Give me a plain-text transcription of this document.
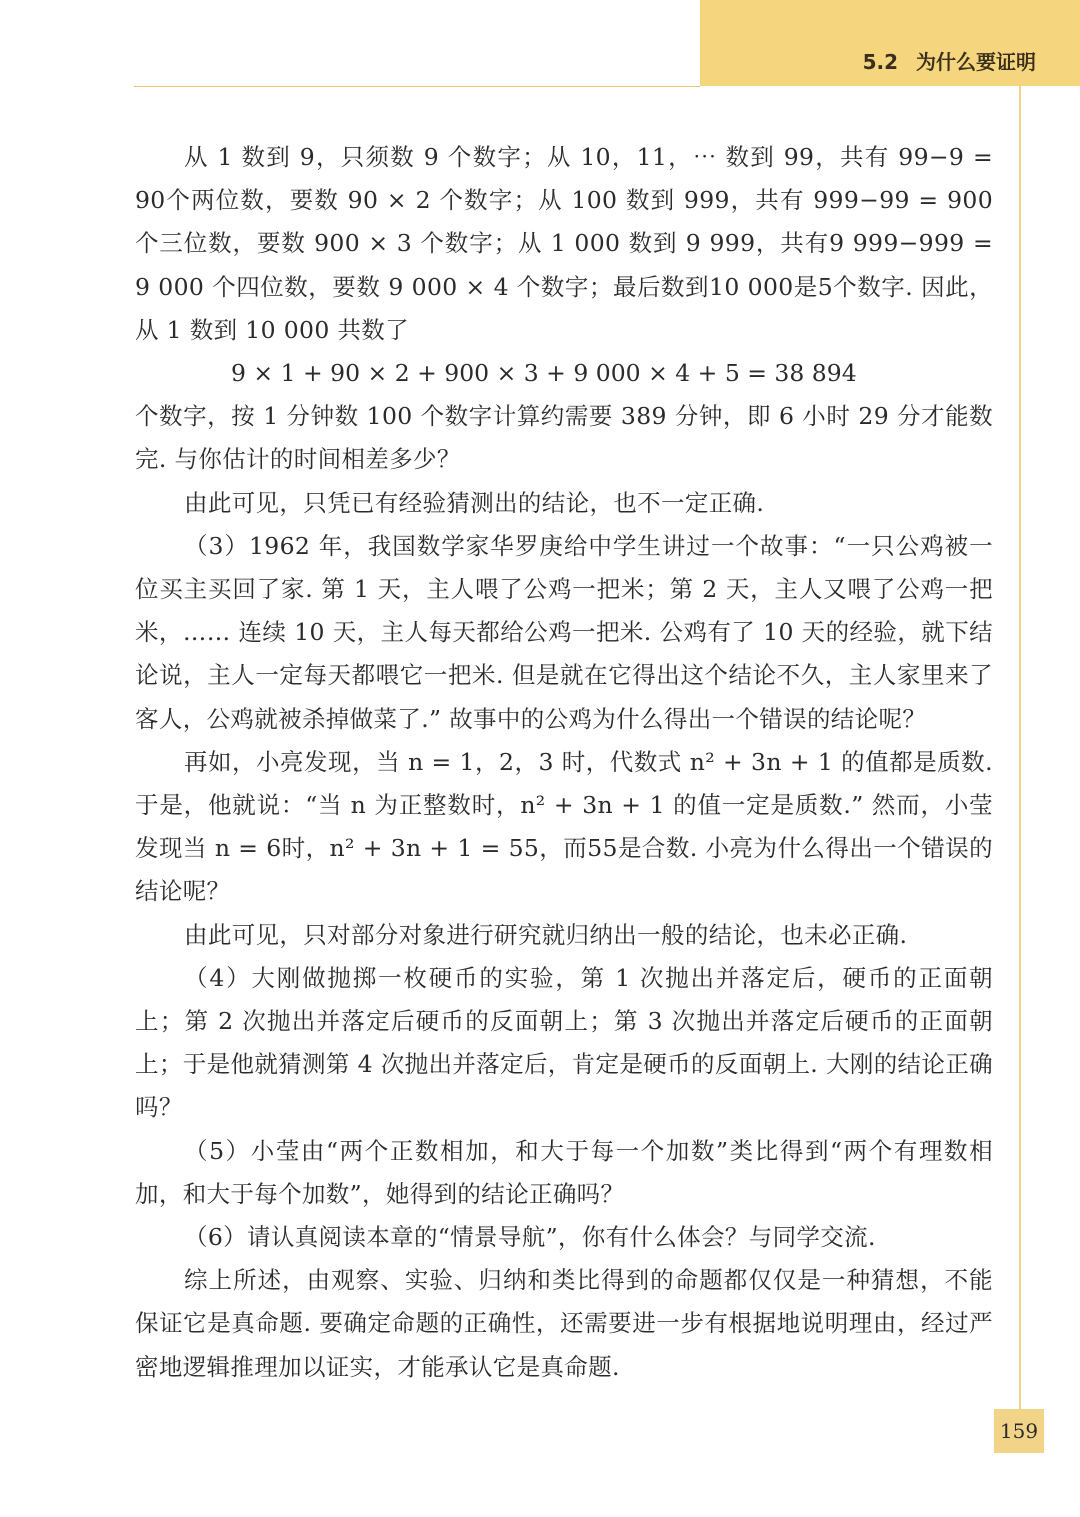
5.2 为什么要证明

从 1 数到 9，只须数 9 个数字；从 10，11，⋯ 数到 99，共有 99−9 = 90个两位数，要数 90 × 2 个数字；从 100 数到 999，共有 999−99 = 900 个三位数，要数 900 × 3 个数字；从 1 000 数到 9 999，共有9 999−999 = 9 000 个四位数，要数 9 000 × 4 个数字；最后数到10 000是5个数字. 因此，从 1 数到 10 000 共数了

9 × 1 + 90 × 2 + 900 × 3 + 9 000 × 4 + 5 = 38 894

个数字，按 1 分钟数 100 个数字计算约需要 389 分钟，即 6 小时 29 分才能数完. 与你估计的时间相差多少？

由此可见，只凭已有经验猜测出的结论，也不一定正确.

（3）1962 年，我国数学家华罗庚给中学生讲过一个故事：“一只公鸡被一位买主买回了家. 第 1 天，主人喂了公鸡一把米；第 2 天，主人又喂了公鸡一把米，…… 连续 10 天，主人每天都给公鸡一把米. 公鸡有了 10 天的经验，就下结论说，主人一定每天都喂它一把米. 但是就在它得出这个结论不久，主人家里来了客人，公鸡就被杀掉做菜了.” 故事中的公鸡为什么得出一个错误的结论呢？

再如，小亮发现，当 n = 1，2，3 时，代数式 n² + 3n + 1 的值都是质数. 于是，他就说：“当 n 为正整数时，n² + 3n + 1 的值一定是质数.” 然而，小莹发现当 n = 6时，n² + 3n + 1 = 55，而55是合数. 小亮为什么得出一个错误的结论呢？

由此可见，只对部分对象进行研究就归纳出一般的结论，也未必正确.

（4）大刚做抛掷一枚硬币的实验，第 1 次抛出并落定后，硬币的正面朝上；第 2 次抛出并落定后硬币的反面朝上；第 3 次抛出并落定后硬币的正面朝上；于是他就猜测第 4 次抛出并落定后，肯定是硬币的反面朝上. 大刚的结论正确吗？

（5）小莹由“两个正数相加，和大于每一个加数”类比得到“两个有理数相加，和大于每个加数”，她得到的结论正确吗？

（6）请认真阅读本章的“情景导航”，你有什么体会？与同学交流.

综上所述，由观察、实验、归纳和类比得到的命题都仅仅是一种猜想，不能保证它是真命题. 要确定命题的正确性，还需要进一步有根据地说明理由，经过严密地逻辑推理加以证实，才能承认它是真命题.

159
